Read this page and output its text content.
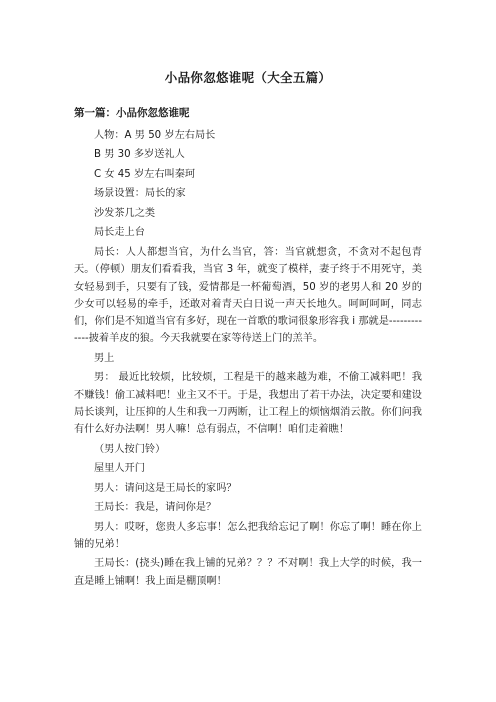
小品你忽悠谁呢（大全五篇）
第一篇：小品你忽悠谁呢
人物：A 男 50 岁左右局长
B 男 30 多岁送礼人
C 女 45 岁左右叫秦珂
场景设置：局长的家
沙发茶几之类
局长走上台
局长：人人都想当官，为什么当官，答：当官就想贪，不贪对不起包青天。（停顿）朋友们看看我，当官 3 年，就变了模样，妻子终于不用死守，美女轻易到手，只要有了钱，爱情都是一杯葡萄酒，50 岁的老男人和 20 岁的少女可以轻易的牵手，还敢对着青天白日说一声天长地久。呵呵呵呵，同志们，你们是不知道当官有多好，现在一首歌的歌词很象形容我 i 那就是-------------披着羊皮的狼。今天我就要在家等待送上门的羔羊。
男上
男： 最近比较烦，比较烦，工程是干的越来越为难，不偷工减料吧！我不赚钱！偷工减料吧！业主又不干。于是，我想出了若干办法，决定要和建设局长谈判，让压抑的人生和我一刀两断，让工程上的烦恼烟消云散。你们问我有什么好办法啊！男人嘛！总有弱点，不信啊！咱们走着瞧！
（男人按门铃）
屋里人开门
男人：请问这是王局长的家吗？
王局长：我是，请问你是？
男人：哎呀，您贵人多忘事！怎么把我给忘记了啊！你忘了啊！睡在你上铺的兄弟！
王局长：(挠头)睡在我上铺的兄弟？？？不对啊！我上大学的时候，我一直是睡上铺啊！我上面是棚顶啊！
